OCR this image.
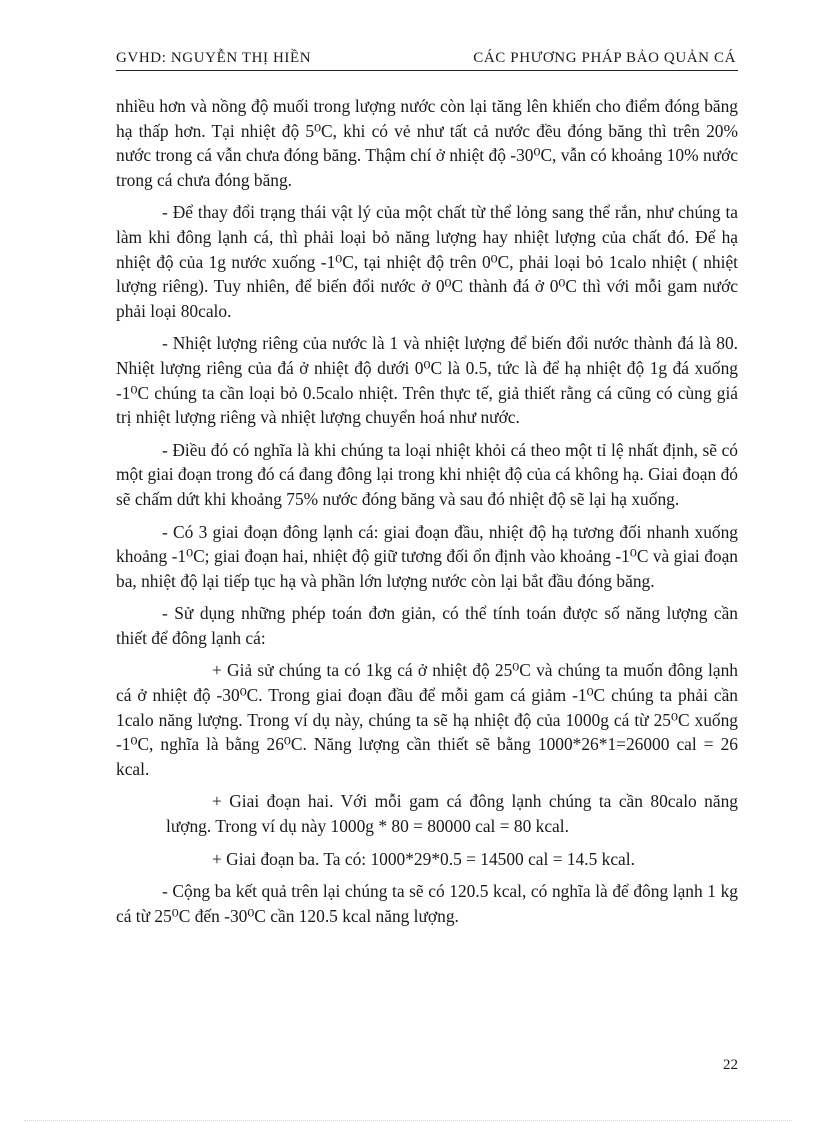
GVHD: NGUYỄN THỊ HIỀN	CÁC PHƯƠNG PHÁP BẢO QUẢN CÁ

nhiều hơn và nồng độ muối trong lượng nước còn lại tăng lên khiến cho điểm đóng băng hạ thấp hơn. Tại nhiệt độ 5⁰C, khi có vẻ như tất cả nước đều đóng băng thì trên 20% nước trong cá vẫn chưa đóng băng. Thậm chí ở nhiệt độ -30⁰C, vẫn có khoảng 10% nước trong cá chưa đóng băng.

- Để thay đổi trạng thái vật lý của một chất từ thể lỏng sang thể rắn, như chúng ta làm khi đông lạnh cá, thì phải loại bỏ năng lượng hay nhiệt lượng của chất đó. Để hạ nhiệt độ của 1g nước xuống -1⁰C, tại nhiệt độ trên 0⁰C, phải loại bỏ 1calo nhiệt ( nhiệt lượng riêng). Tuy nhiên, để biến đổi nước ở 0⁰C thành đá ở 0⁰C thì với mỗi gam nước phải loại 80calo.

- Nhiệt lượng riêng của nước là 1 và nhiệt lượng để biến đổi nước thành đá là 80. Nhiệt lượng riêng của đá ở nhiệt độ dưới 0⁰C là 0.5, tức là để hạ nhiệt độ 1g đá xuống -1⁰C chúng ta cần loại bỏ 0.5calo nhiệt. Trên thực tế, giả thiết rằng cá cũng có cùng giá trị nhiệt lượng riêng và nhiệt lượng chuyển hoá như nước.

- Điều đó có nghĩa là khi chúng ta loại nhiệt khỏi cá theo một tỉ lệ nhất định, sẽ có một giai đoạn trong đó cá đang đông lại trong khi nhiệt độ của cá không hạ. Giai đoạn đó sẽ chấm dứt khi khoảng 75% nước đóng băng và sau đó nhiệt độ sẽ lại hạ xuống.

- Có 3 giai đoạn đông lạnh cá: giai đoạn đầu, nhiệt độ hạ tương đối nhanh xuống khoảng -1⁰C; giai đoạn hai, nhiệt độ giữ tương đối ổn định vào khoảng -1⁰C và giai đoạn ba, nhiệt độ lại tiếp tục hạ và phần lớn lượng nước còn lại bắt đầu đóng băng.

- Sử dụng những phép toán đơn giản, có thể tính toán được số năng lượng cần thiết để đông lạnh cá:

+ Giả sử chúng ta có 1kg cá ở nhiệt độ 25⁰C và chúng ta muốn đông lạnh cá ở nhiệt độ -30⁰C. Trong giai đoạn đầu để mỗi gam cá giảm -1⁰C chúng ta phải cần 1calo năng lượng. Trong ví dụ này, chúng ta sẽ hạ nhiệt độ của 1000g cá từ 25⁰C xuống -1⁰C, nghĩa là bằng 26⁰C. Năng lượng cần thiết sẽ bằng 1000*26*1=26000 cal = 26 kcal.

+ Giai đoạn hai. Với mỗi gam cá đông lạnh chúng ta cần 80calo năng lượng. Trong ví dụ này 1000g * 80 = 80000 cal = 80 kcal.

+ Giai đoạn ba. Ta có: 1000*29*0.5 = 14500 cal = 14.5 kcal.

- Cộng ba kết quả trên lại chúng ta sẽ có 120.5 kcal, có nghĩa là để đông lạnh 1 kg cá từ 25⁰C đến -30⁰C cần 120.5 kcal năng lượng.

22
